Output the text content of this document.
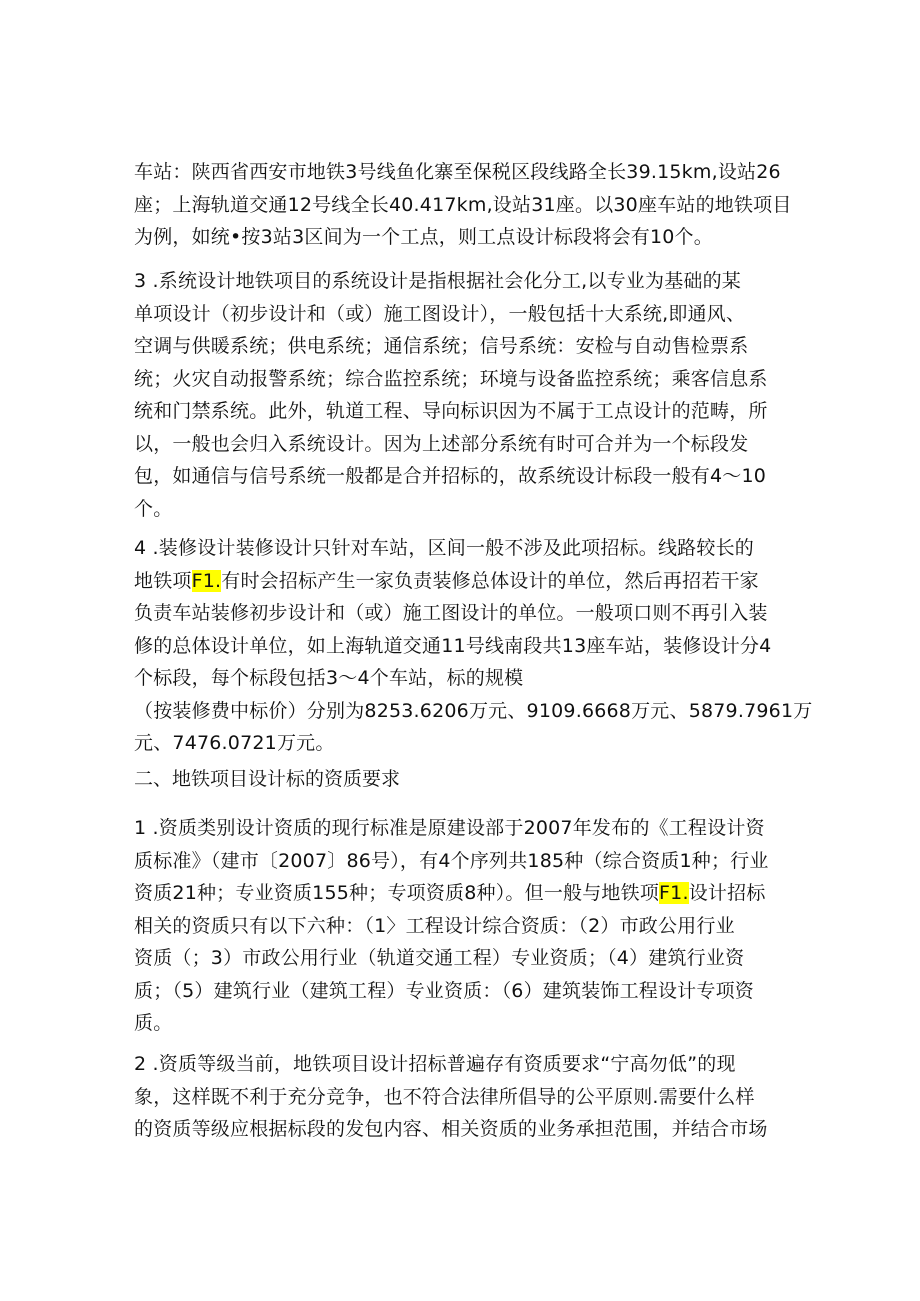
车站：陕西省西安市地铁3号线鱼化寨至保税区段线路全长39.15km,设站26
座；上海轨道交通12号线全长40.417km,设站31座。以30座车站的地铁项目
为例，如统•按3站3区间为一个工点，则工点设计标段将会有10个。

3 .系统设计地铁项目的系统设计是指根据社会化分工,以专业为基础的某
单项设计（初步设计和（或）施工图设计），一般包括十大系统,即通风、
空调与供暖系统；供电系统；通信系统；信号系统：安检与自动售检票系
统；火灾自动报警系统；综合监控系统；环境与设备监控系统；乘客信息系
统和门禁系统。此外，轨道工程、导向标识因为不属于工点设计的范畴，所
以，一般也会归入系统设计。因为上述部分系统有时可合并为一个标段发
包，如通信与信号系统一般都是合并招标的，故系统设计标段一般有4～10
个。

4 .装修设计装修设计只针对车站，区间一般不涉及此项招标。线路较长的
地铁项F1.有时会招标产生一家负责装修总体设计的单位，然后再招若干家
负责车站装修初步设计和（或）施工图设计的单位。一般项口则不再引入装
修的总体设计单位，如上海轨道交通11号线南段共13座车站，装修设计分4
个标段，每个标段包括3～4个车站，标的规模
（按装修费中标价）分别为8253.6206万元、9109.6668万元、5879.7961万
元、7476.0721万元。

二、地铁项目设计标的资质要求

1 .资质类别设计资质的现行标准是原建设部于2007年发布的《工程设计资
质标准》（建市〔2007〕86号），有4个序列共185种（综合资质1种；行业
资质21种；专业资质155种；专项资质8种）。但一般与地铁项F1.设计招标
相关的资质只有以下六种：（1〉工程设计综合资质：（2）市政公用行业
资质（；3）市政公用行业（轨道交通工程）专业资质；（4）建筑行业资
质；（5）建筑行业（建筑工程）专业资质：（6）建筑装饰工程设计专项资
质。

2 .资质等级当前，地铁项目设计招标普遍存有资质要求“宁高勿低”的现
象，这样既不利于充分竞争，也不符合法律所倡导的公平原则.需要什么样
的资质等级应根据标段的发包内容、相关资质的业务承担范围，并结合市场
